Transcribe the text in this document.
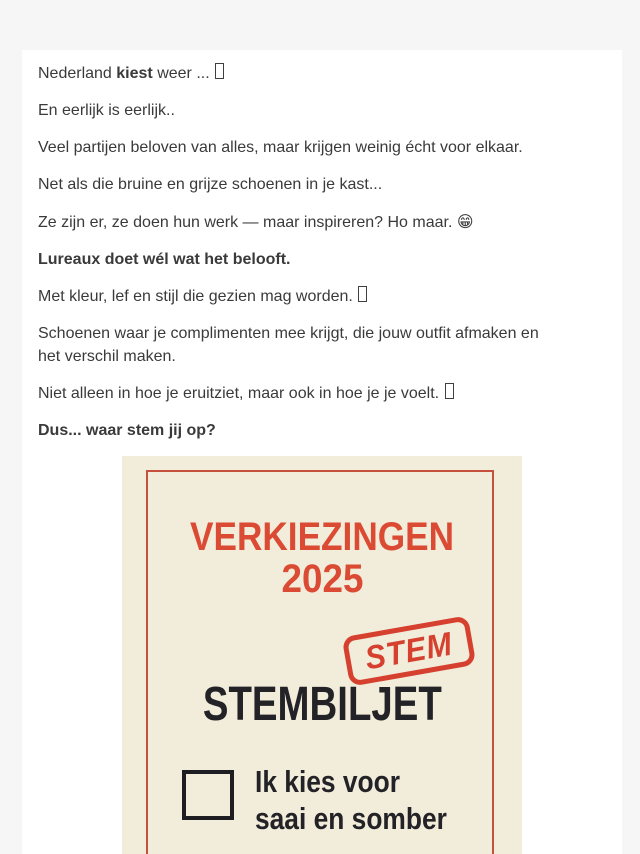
Nederland kiest weer ...

En eerlijk is eerlijk..

Veel partijen beloven van alles, maar krijgen weinig écht voor elkaar.

Net als die bruine en grijze schoenen in je kast...

Ze zijn er, ze doen hun werk — maar inspireren? Ho maar. 😁

Lureaux doet wél wat het belooft.

Met kleur, lef en stijl die gezien mag worden.

Schoenen waar je complimenten mee krijgt, die jouw outfit afmaken en
het verschil maken.

Niet alleen in hoe je eruitziet, maar ook in hoe je je voelt.

Dus... waar stem jij op?

VERKIEZINGEN
2025
STEM
STEMBILJET
Ik kies voor
saai en somber
